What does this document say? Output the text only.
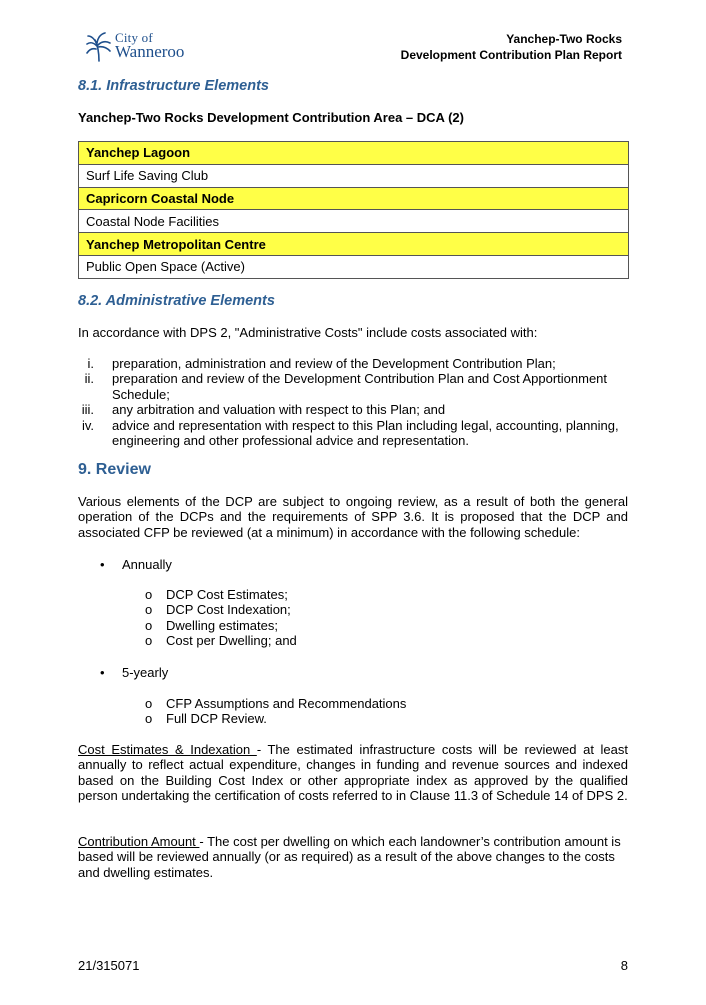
City of
Wanneroo
Yanchep-Two Rocks
Development Contribution Plan Report
8.1. Infrastructure Elements
Yanchep-Two Rocks Development Contribution Area – DCA (2)
Yanchep Lagoon
Surf Life Saving Club
Capricorn Coastal Node
Coastal Node Facilities
Yanchep Metropolitan Centre
Public Open Space (Active)
8.2. Administrative Elements
In accordance with DPS 2, "Administrative Costs" include costs associated with:
i. preparation, administration and review of the Development Contribution Plan;
ii. preparation and review of the Development Contribution Plan and Cost Apportionment Schedule;
iii. any arbitration and valuation with respect to this Plan; and
iv. advice and representation with respect to this Plan including legal, accounting, planning, engineering and other professional advice and representation.
9. Review
Various elements of the DCP are subject to ongoing review, as a result of both the general operation of the DCPs and the requirements of SPP 3.6. It is proposed that the DCP and associated CFP be reviewed (at a minimum) in accordance with the following schedule:
• Annually
o DCP Cost Estimates;
o DCP Cost Indexation;
o Dwelling estimates;
o Cost per Dwelling; and
• 5-yearly
o CFP Assumptions and Recommendations
o Full DCP Review.
Cost Estimates & Indexation - The estimated infrastructure costs will be reviewed at least annually to reflect actual expenditure, changes in funding and revenue sources and indexed based on the Building Cost Index or other appropriate index as approved by the qualified person undertaking the certification of costs referred to in Clause 11.3 of Schedule 14 of DPS 2.
Contribution Amount - The cost per dwelling on which each landowner’s contribution amount is based will be reviewed annually (or as required) as a result of the above changes to the costs and dwelling estimates.
21/315071	8
